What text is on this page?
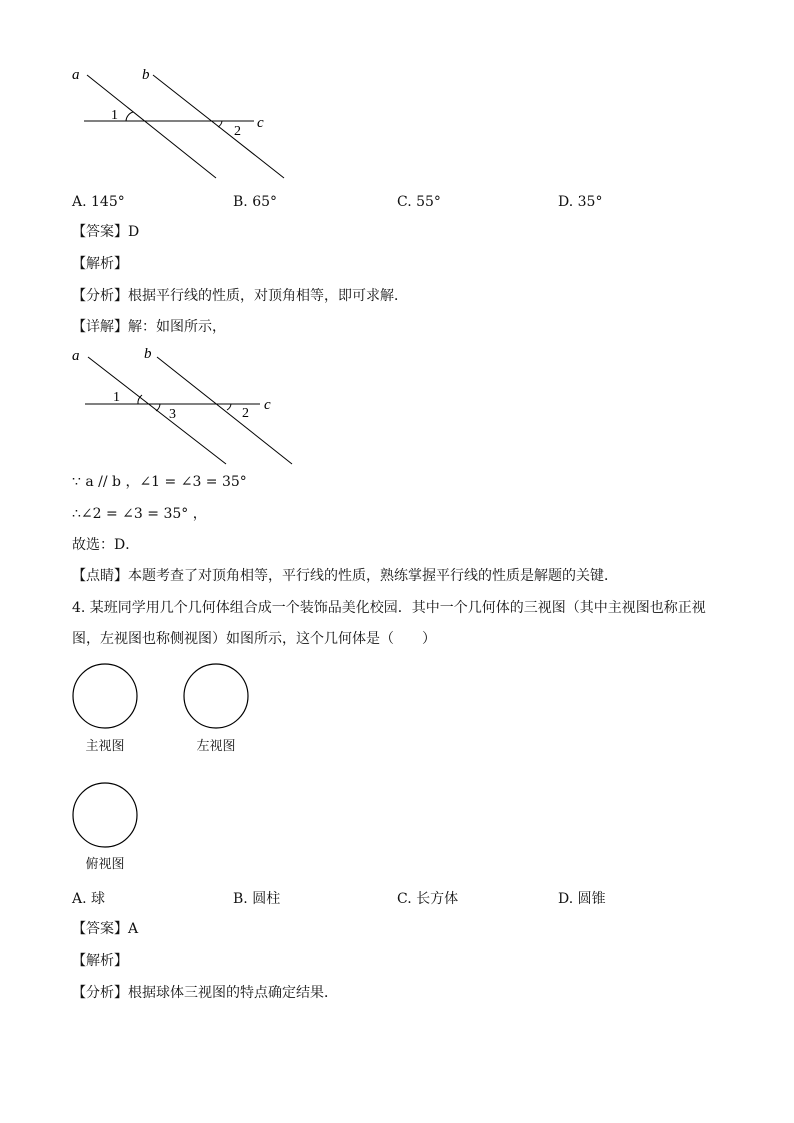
a	b
c
1
2
A. 145°	B. 65°	C. 55°	D. 35°
【答案】D
【解析】
【分析】根据平行线的性质，对顶角相等，即可求解．
【详解】解：如图所示，
a	b
c
1
3	2
∵ a // b ，∠1 = ∠3 = 35°
∴∠2 = ∠3 = 35° ，
故选：D．
【点睛】本题考查了对顶角相等，平行线的性质，熟练掌握平行线的性质是解题的关键．
4. 某班同学用几个几何体组合成一个装饰品美化校园．其中一个几何体的三视图（其中主视图也称正视
图，左视图也称侧视图）如图所示，这个几何体是（　　）
主视图	左视图
俯视图
A. 球	B. 圆柱	C. 长方体	D. 圆锥
【答案】A
【解析】
【分析】根据球体三视图的特点确定结果．
